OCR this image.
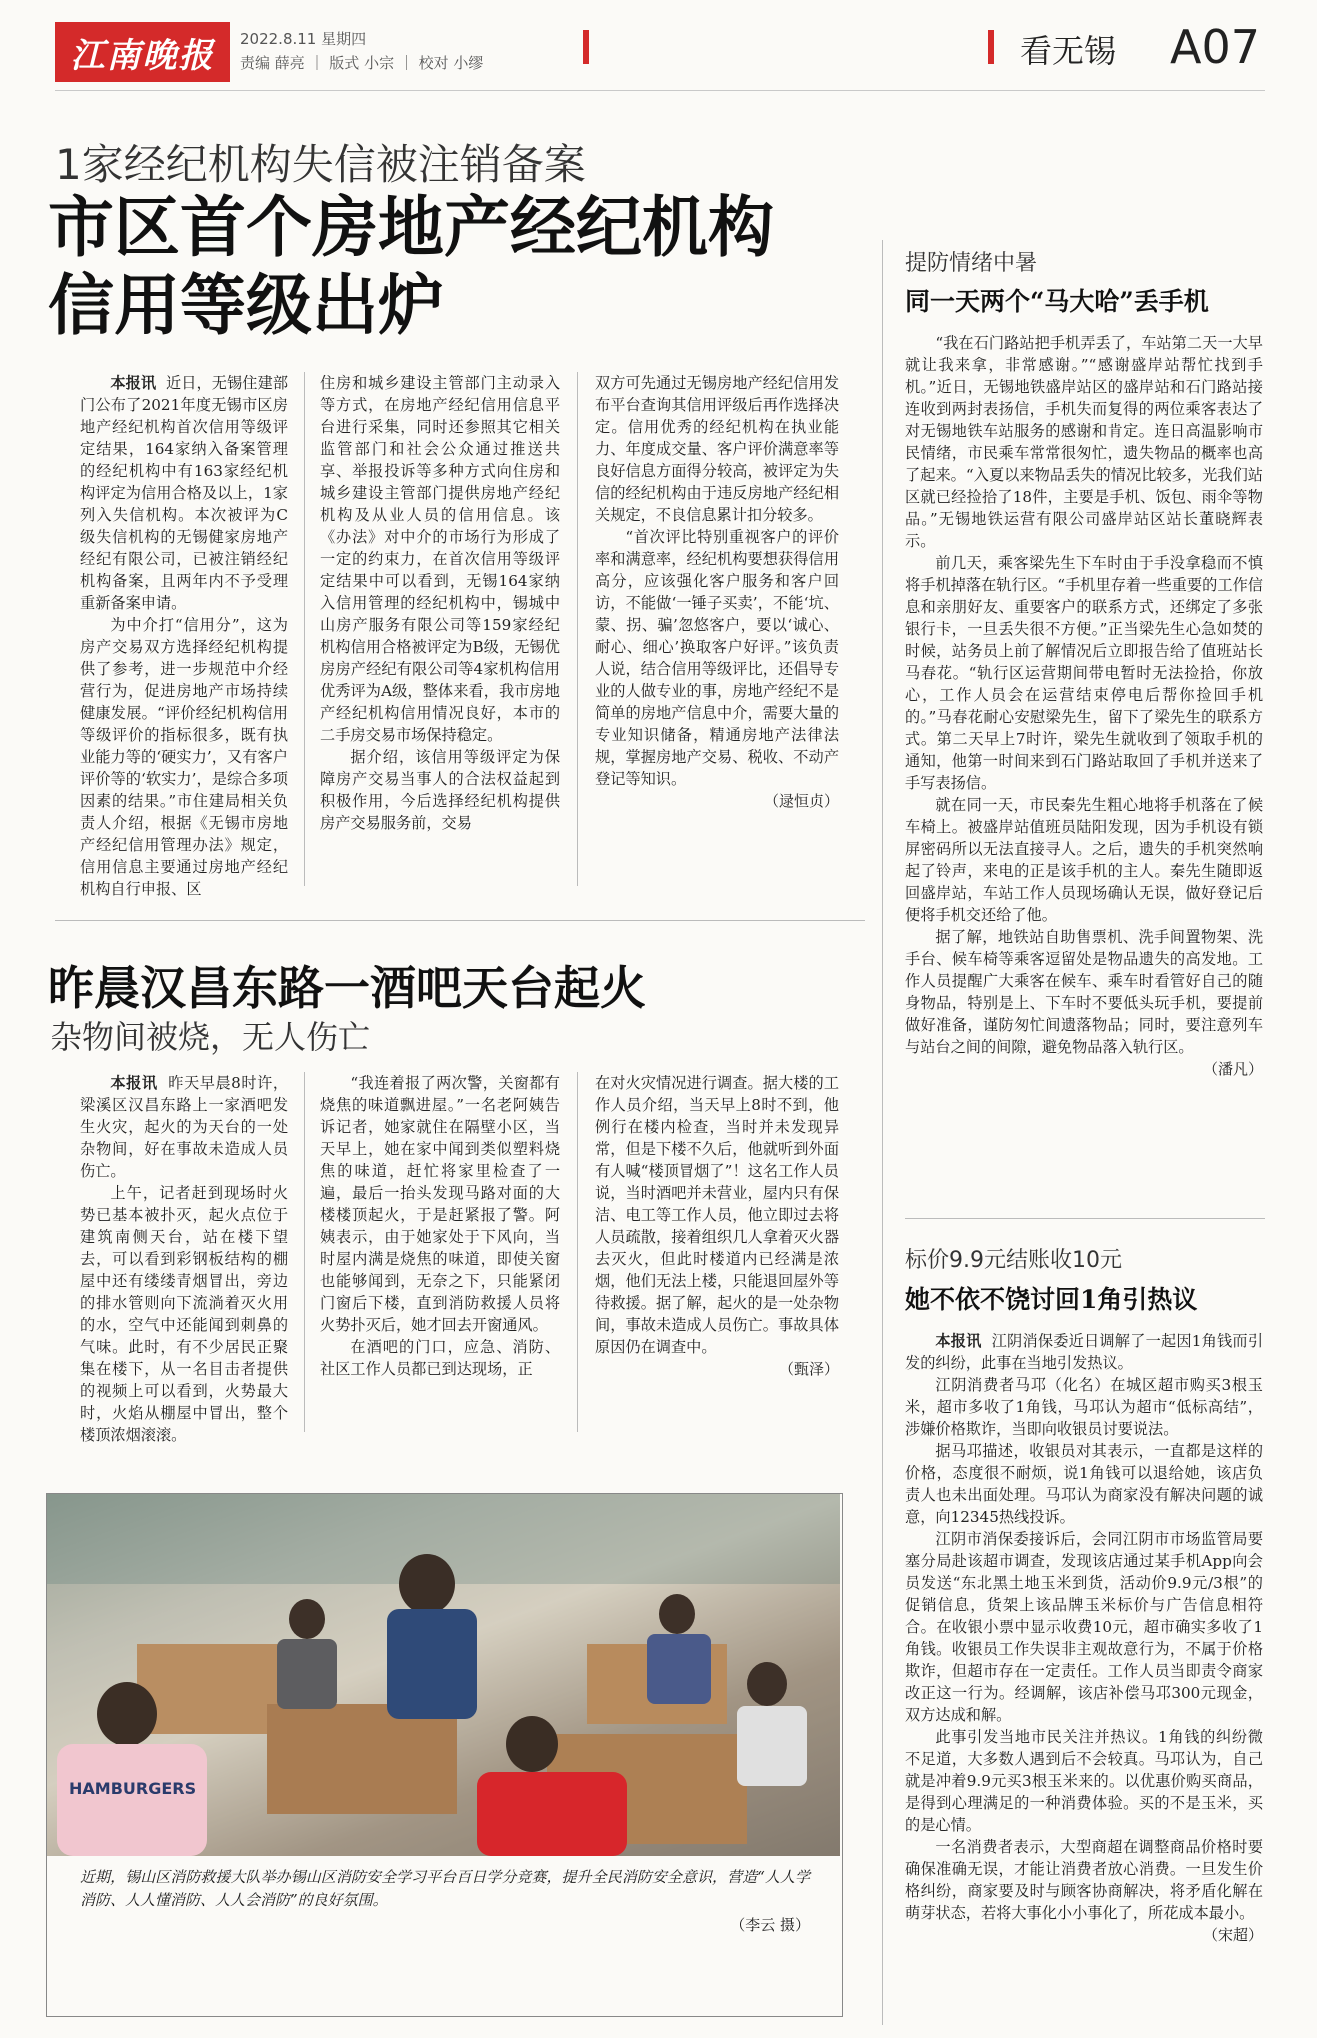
江南晚报	2022.8.11 星期四
责编 薛亮 ｜ 版式 小宗 ｜ 校对 小缪	看无锡 A07
1家经纪机构失信被注销备案
市区首个房地产经纪机构
信用等级出炉

本报讯 近日，无锡住建部门公布了2021年度无锡市区房地产经纪机构首次信用等级评定结果，164家纳入备案管理的经纪机构中有163家经纪机构评定为信用合格及以上，1家列入失信机构。本次被评为C级失信机构的无锡健家房地产经纪有限公司，已被注销经纪机构备案，且两年内不予受理重新备案申请。

为中介打“信用分”，这为房产交易双方选择经纪机构提供了参考，进一步规范中介经营行为，促进房地产市场持续健康发展。“评价经纪机构信用等级评价的指标很多，既有执业能力等的‘硬实力’，又有客户评价等的‘软实力’，是综合多项因素的结果。”市住建局相关负责人介绍，根据《无锡市房地产经纪信用管理办法》规定，信用信息主要通过房地产经纪机构自行申报、区

住房和城乡建设主管部门主动录入等方式，在房地产经纪信用信息平台进行采集，同时还参照其它相关监管部门和社会公众通过推送共享、举报投诉等多种方式向住房和城乡建设主管部门提供房地产经纪机构及从业人员的信用信息。该《办法》对中介的市场行为形成了一定的约束力，在首次信用等级评定结果中可以看到，无锡164家纳入信用管理的经纪机构中，锡城中山房产服务有限公司等159家经纪机构信用合格被评定为B级，无锡优房房产经纪有限公司等4家机构信用优秀评为A级，整体来看，我市房地产经纪机构信用情况良好，本市的二手房交易市场保持稳定。

据介绍，该信用等级评定为保障房产交易当事人的合法权益起到积极作用，今后选择经纪机构提供房产交易服务前，交易

双方可先通过无锡房地产经纪信用发布平台查询其信用评级后再作选择决定。信用优秀的经纪机构在执业能力、年度成交量、客户评价满意率等良好信息方面得分较高，被评定为失信的经纪机构由于违反房地产经纪相关规定，不良信息累计扣分较多。

“首次评比特别重视客户的评价率和满意率，经纪机构要想获得信用高分，应该强化客户服务和客户回访，不能做‘一锤子买卖’，不能‘坑、蒙、拐、骗’忽悠客户，要以‘诚心、耐心、细心’换取客户好评。”该负责人说，结合信用等级评比，还倡导专业的人做专业的事，房地产经纪不是简单的房地产信息中介，需要大量的专业知识储备，精通房地产法律法规，掌握房地产交易、税收、不动产登记等知识。

（逯恒贞）
昨晨汉昌东路一酒吧天台起火
杂物间被烧，无人伤亡

本报讯 昨天早晨8时许，梁溪区汉昌东路上一家酒吧发生火灾，起火的为天台的一处杂物间，好在事故未造成人员伤亡。

上午，记者赶到现场时火势已基本被扑灭，起火点位于建筑南侧天台，站在楼下望去，可以看到彩钢板结构的棚屋中还有缕缕青烟冒出，旁边的排水管则向下流淌着灭火用的水，空气中还能闻到刺鼻的气味。此时，有不少居民正聚集在楼下，从一名目击者提供的视频上可以看到，火势最大时，火焰从棚屋中冒出，整个楼顶浓烟滚滚。

“我连着报了两次警，关窗都有烧焦的味道飘进屋。”一名老阿姨告诉记者，她家就住在隔壁小区，当天早上，她在家中闻到类似塑料烧焦的味道，赶忙将家里检查了一遍，最后一抬头发现马路对面的大楼楼顶起火，于是赶紧报了警。阿姨表示，由于她家处于下风向，当时屋内满是烧焦的味道，即使关窗也能够闻到，无奈之下，只能紧闭门窗后下楼，直到消防救援人员将火势扑灭后，她才回去开窗通风。

在酒吧的门口，应急、消防、社区工作人员都已到达现场，正

在对火灾情况进行调查。据大楼的工作人员介绍，当天早上8时不到，他例行在楼内检查，当时并未发现异常，但是下楼不久后，他就听到外面有人喊“楼顶冒烟了”！这名工作人员说，当时酒吧并未营业，屋内只有保洁、电工等工作人员，他立即过去将人员疏散，接着组织几人拿着灭火器去灭火，但此时楼道内已经满是浓烟，他们无法上楼，只能退回屋外等待救援。据了解，起火的是一处杂物间，事故未造成人员伤亡。事故具体原因仍在调查中。

（甄泽）
HAMBURGERS
近期，锡山区消防救援大队举办锡山区消防安全学习平台百日学分竞赛，提升全民消防安全意识，营造“人人学消防、人人懂消防、人人会消防”的良好氛围。
（李云 摄）
提防情绪中暑
同一天两个“马大哈”丢手机

“我在石门路站把手机弄丢了，车站第二天一大早就让我来拿，非常感谢。”“感谢盛岸站帮忙找到手机。”近日，无锡地铁盛岸站区的盛岸站和石门路站接连收到两封表扬信，手机失而复得的两位乘客表达了对无锡地铁车站服务的感谢和肯定。连日高温影响市民情绪，市民乘车常常很匆忙，遗失物品的概率也高了起来。“入夏以来物品丢失的情况比较多，光我们站区就已经捡拾了18件，主要是手机、饭包、雨伞等物品。”无锡地铁运营有限公司盛岸站区站长董晓辉表示。

前几天，乘客梁先生下车时由于手没拿稳而不慎将手机掉落在轨行区。“手机里存着一些重要的工作信息和亲朋好友、重要客户的联系方式，还绑定了多张银行卡，一旦丢失很不方便。”正当梁先生心急如焚的时候，站务员上前了解情况后立即报告给了值班站长马春花。“轨行区运营期间带电暂时无法捡拾，你放心，工作人员会在运营结束停电后帮你捡回手机的。”马春花耐心安慰梁先生，留下了梁先生的联系方式。第二天早上7时许，梁先生就收到了领取手机的通知，他第一时间来到石门路站取回了手机并送来了手写表扬信。

就在同一天，市民秦先生粗心地将手机落在了候车椅上。被盛岸站值班员陆阳发现，因为手机设有锁屏密码所以无法直接寻人。之后，遗失的手机突然响起了铃声，来电的正是该手机的主人。秦先生随即返回盛岸站，车站工作人员现场确认无误，做好登记后便将手机交还给了他。

据了解，地铁站自助售票机、洗手间置物架、洗手台、候车椅等乘客逗留处是物品遗失的高发地。工作人员提醒广大乘客在候车、乘车时看管好自己的随身物品，特别是上、下车时不要低头玩手机，要提前做好准备，谨防匆忙间遗落物品；同时，要注意列车与站台之间的间隙，避免物品落入轨行区。

（潘凡）
标价9.9元结账收10元
她不依不饶讨回1角引热议

本报讯 江阴消保委近日调解了一起因1角钱而引发的纠纷，此事在当地引发热议。

江阴消费者马邛（化名）在城区超市购买3根玉米，超市多收了1角钱，马邛认为超市“低标高结”，涉嫌价格欺诈，当即向收银员讨要说法。

据马邛描述，收银员对其表示，一直都是这样的价格，态度很不耐烦，说1角钱可以退给她，该店负责人也未出面处理。马邛认为商家没有解决问题的诚意，向12345热线投诉。

江阴市消保委接诉后，会同江阴市市场监管局要塞分局赴该超市调查，发现该店通过某手机App向会员发送“东北黑土地玉米到货，活动价9.9元/3根”的促销信息，货架上该品牌玉米标价与广告信息相符合。在收银小票中显示收费10元，超市确实多收了1角钱。收银员工作失误非主观故意行为，不属于价格欺诈，但超市存在一定责任。工作人员当即责令商家改正这一行为。经调解，该店补偿马邛300元现金，双方达成和解。

此事引发当地市民关注并热议。1角钱的纠纷微不足道，大多数人遇到后不会较真。马邛认为，自己就是冲着9.9元买3根玉米来的。以优惠价购买商品，是得到心理满足的一种消费体验。买的不是玉米，买的是心情。

一名消费者表示，大型商超在调整商品价格时要确保准确无误，才能让消费者放心消费。一旦发生价格纠纷，商家要及时与顾客协商解决，将矛盾化解在萌芽状态，若将大事化小小事化了，所花成本最小。

（宋超）
